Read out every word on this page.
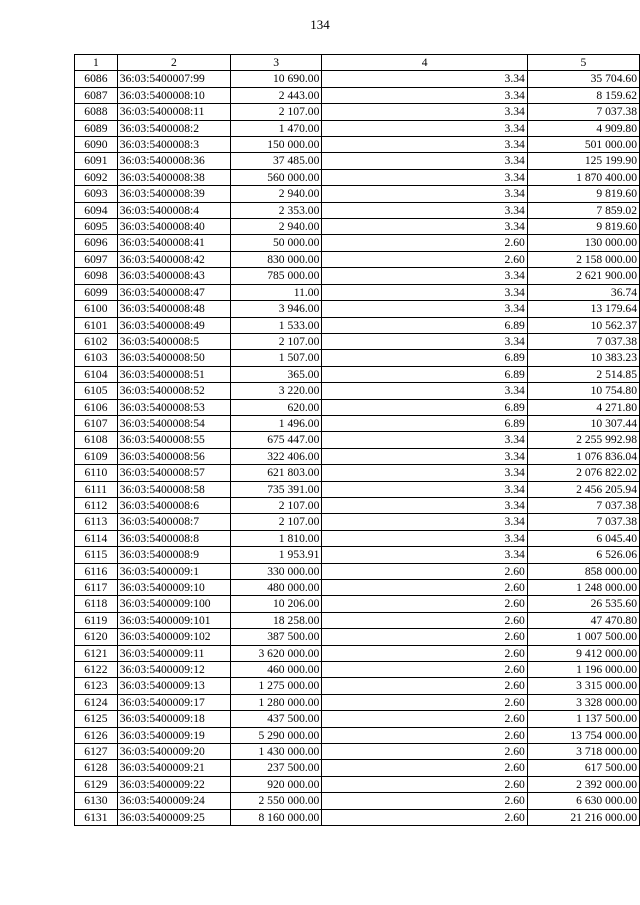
134
1	2	3	4	5
6086	36:03:5400007:99	10 690.00	3.34	35 704.60
6087	36:03:5400008:10	2 443.00	3.34	8 159.62
6088	36:03:5400008:11	2 107.00	3.34	7 037.38
6089	36:03:5400008:2	1 470.00	3.34	4 909.80
6090	36:03:5400008:3	150 000.00	3.34	501 000.00
6091	36:03:5400008:36	37 485.00	3.34	125 199.90
6092	36:03:5400008:38	560 000.00	3.34	1 870 400.00
6093	36:03:5400008:39	2 940.00	3.34	9 819.60
6094	36:03:5400008:4	2 353.00	3.34	7 859.02
6095	36:03:5400008:40	2 940.00	3.34	9 819.60
6096	36:03:5400008:41	50 000.00	2.60	130 000.00
6097	36:03:5400008:42	830 000.00	2.60	2 158 000.00
6098	36:03:5400008:43	785 000.00	3.34	2 621 900.00
6099	36:03:5400008:47	11.00	3.34	36.74
6100	36:03:5400008:48	3 946.00	3.34	13 179.64
6101	36:03:5400008:49	1 533.00	6.89	10 562.37
6102	36:03:5400008:5	2 107.00	3.34	7 037.38
6103	36:03:5400008:50	1 507.00	6.89	10 383.23
6104	36:03:5400008:51	365.00	6.89	2 514.85
6105	36:03:5400008:52	3 220.00	3.34	10 754.80
6106	36:03:5400008:53	620.00	6.89	4 271.80
6107	36:03:5400008:54	1 496.00	6.89	10 307.44
6108	36:03:5400008:55	675 447.00	3.34	2 255 992.98
6109	36:03:5400008:56	322 406.00	3.34	1 076 836.04
6110	36:03:5400008:57	621 803.00	3.34	2 076 822.02
6111	36:03:5400008:58	735 391.00	3.34	2 456 205.94
6112	36:03:5400008:6	2 107.00	3.34	7 037.38
6113	36:03:5400008:7	2 107.00	3.34	7 037.38
6114	36:03:5400008:8	1 810.00	3.34	6 045.40
6115	36:03:5400008:9	1 953.91	3.34	6 526.06
6116	36:03:5400009:1	330 000.00	2.60	858 000.00
6117	36:03:5400009:10	480 000.00	2.60	1 248 000.00
6118	36:03:5400009:100	10 206.00	2.60	26 535.60
6119	36:03:5400009:101	18 258.00	2.60	47 470.80
6120	36:03:5400009:102	387 500.00	2.60	1 007 500.00
6121	36:03:5400009:11	3 620 000.00	2.60	9 412 000.00
6122	36:03:5400009:12	460 000.00	2.60	1 196 000.00
6123	36:03:5400009:13	1 275 000.00	2.60	3 315 000.00
6124	36:03:5400009:17	1 280 000.00	2.60	3 328 000.00
6125	36:03:5400009:18	437 500.00	2.60	1 137 500.00
6126	36:03:5400009:19	5 290 000.00	2.60	13 754 000.00
6127	36:03:5400009:20	1 430 000.00	2.60	3 718 000.00
6128	36:03:5400009:21	237 500.00	2.60	617 500.00
6129	36:03:5400009:22	920 000.00	2.60	2 392 000.00
6130	36:03:5400009:24	2 550 000.00	2.60	6 630 000.00
6131	36:03:5400009:25	8 160 000.00	2.60	21 216 000.00
